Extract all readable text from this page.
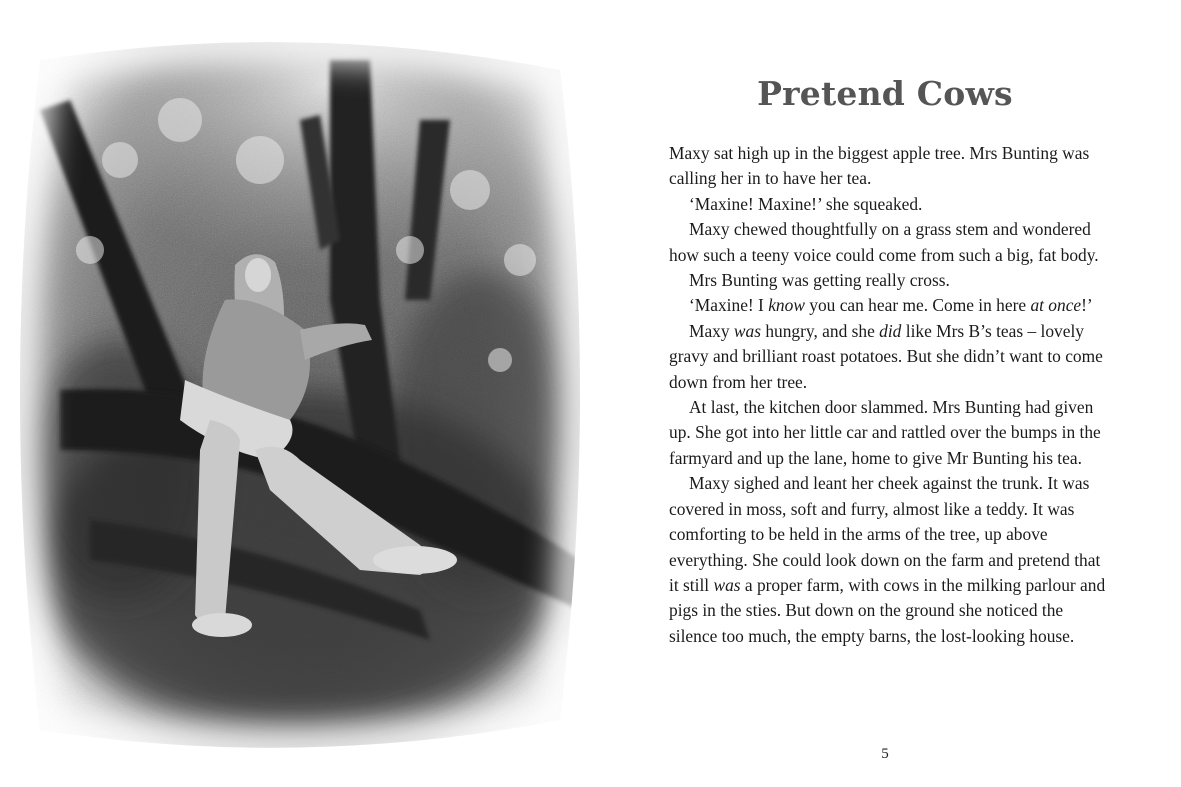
Pretend Cows

Maxy sat high up in the biggest apple tree. Mrs Bunting was calling her in to have her tea.

‘Maxine! Maxine!’ she squeaked.

Maxy chewed thoughtfully on a grass stem and wondered how such a teeny voice could come from such a big, fat body.

Mrs Bunting was getting really cross.

‘Maxine! I know you can hear me. Come in here at once!’

Maxy was hungry, and she did like Mrs B’s teas – lovely gravy and brilliant roast potatoes. But she didn’t want to come down from her tree.

At last, the kitchen door slammed. Mrs Bunting had given up. She got into her little car and rattled over the bumps in the farmyard and up the lane, home to give Mr Bunting his tea.

Maxy sighed and leant her cheek against the trunk. It was covered in moss, soft and furry, almost like a teddy. It was comforting to be held in the arms of the tree, up above everything. She could look down on the farm and pretend that it still was a proper farm, with cows in the milking parlour and pigs in the sties. But down on the ground she noticed the silence too much, the empty barns, the lost-looking house.

5
